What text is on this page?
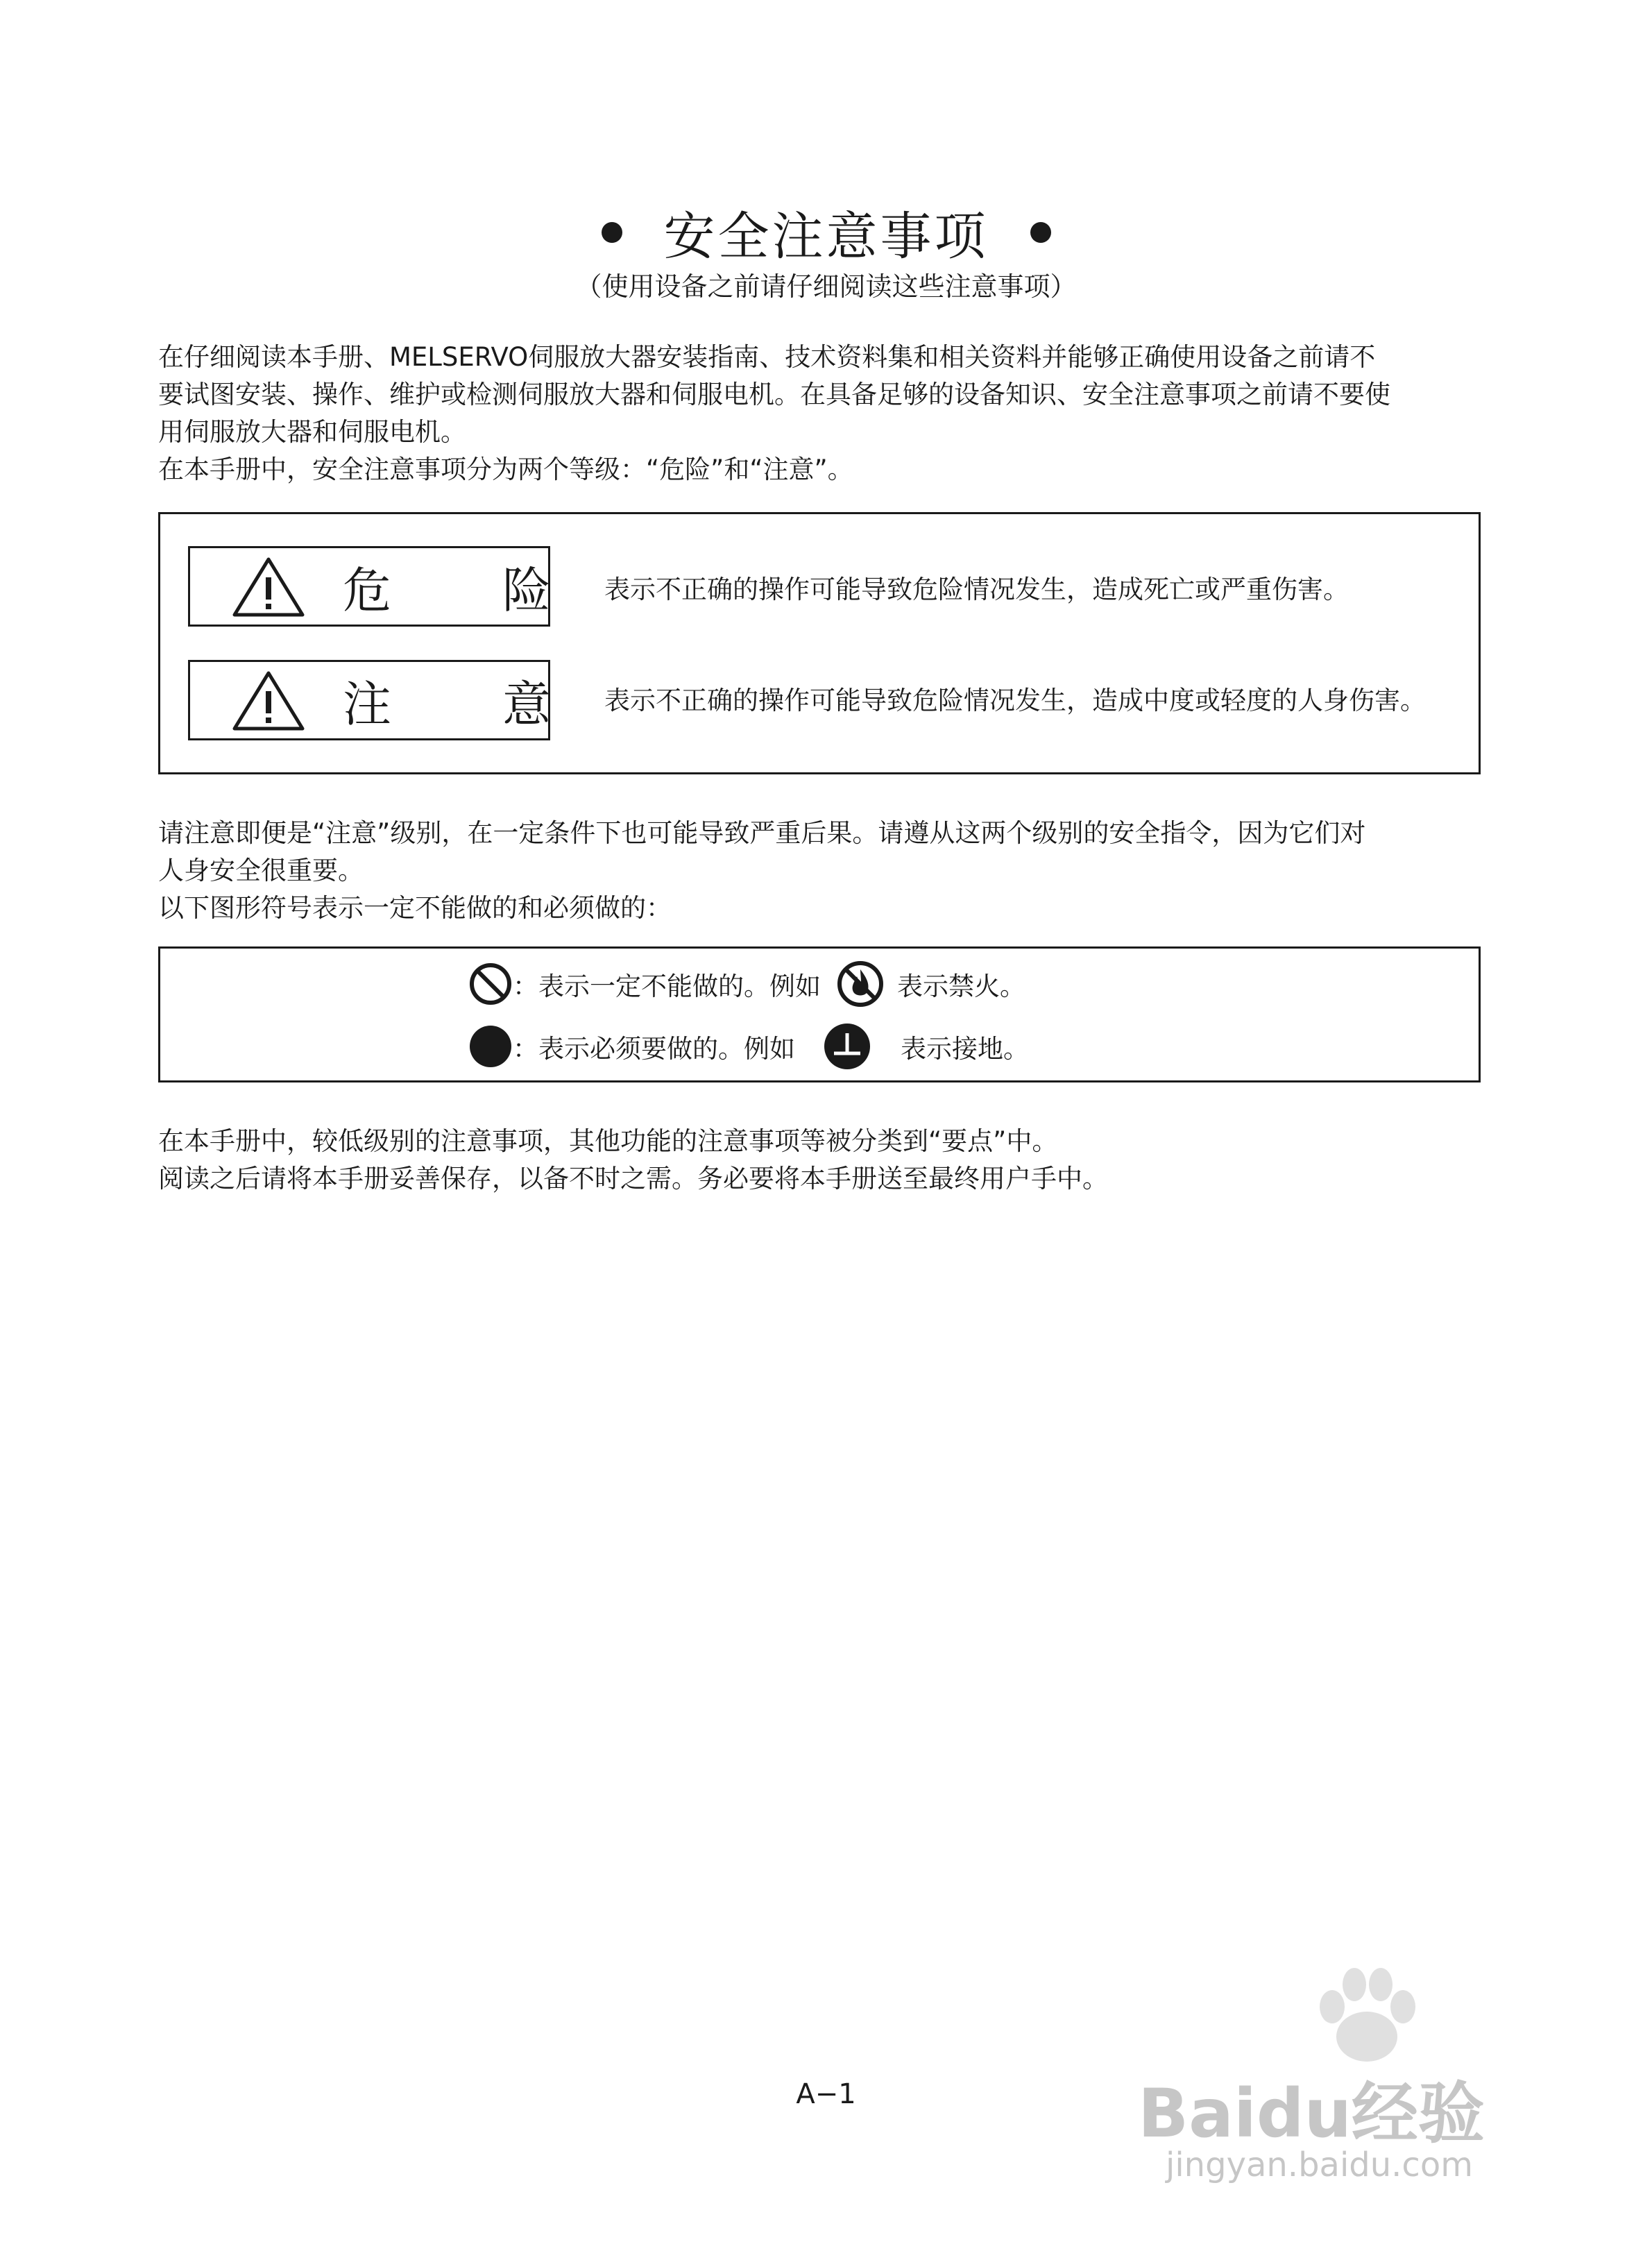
安全注意事项
（使用设备之前请仔细阅读这些注意事项）
在仔细阅读本手册、MELSERVO伺服放大器安装指南、技术资料集和相关资料并能够正确使用设备之前请不
要试图安装、操作、维护或检测伺服放大器和伺服电机。在具备足够的设备知识、安全注意事项之前请不要使
用伺服放大器和伺服电机。
在本手册中，安全注意事项分为两个等级：“危险”和“注意”。
危 险 表示不正确的操作可能导致危险情况发生，造成死亡或严重伤害。
注 意 表示不正确的操作可能导致危险情况发生，造成中度或轻度的人身伤害。
请注意即便是“注意”级别，在一定条件下也可能导致严重后果。请遵从这两个级别的安全指令，因为它们对
人身安全很重要。
以下图形符号表示一定不能做的和必须做的：
：表示一定不能做的。例如	表示禁火。
：表示必须要做的。例如	表示接地。
在本手册中，较低级别的注意事项，其他功能的注意事项等被分类到“要点”中。
阅读之后请将本手册妥善保存，以备不时之需。务必要将本手册送至最终用户手中。
A−1	Baidu经验
jingyan.baidu.com
